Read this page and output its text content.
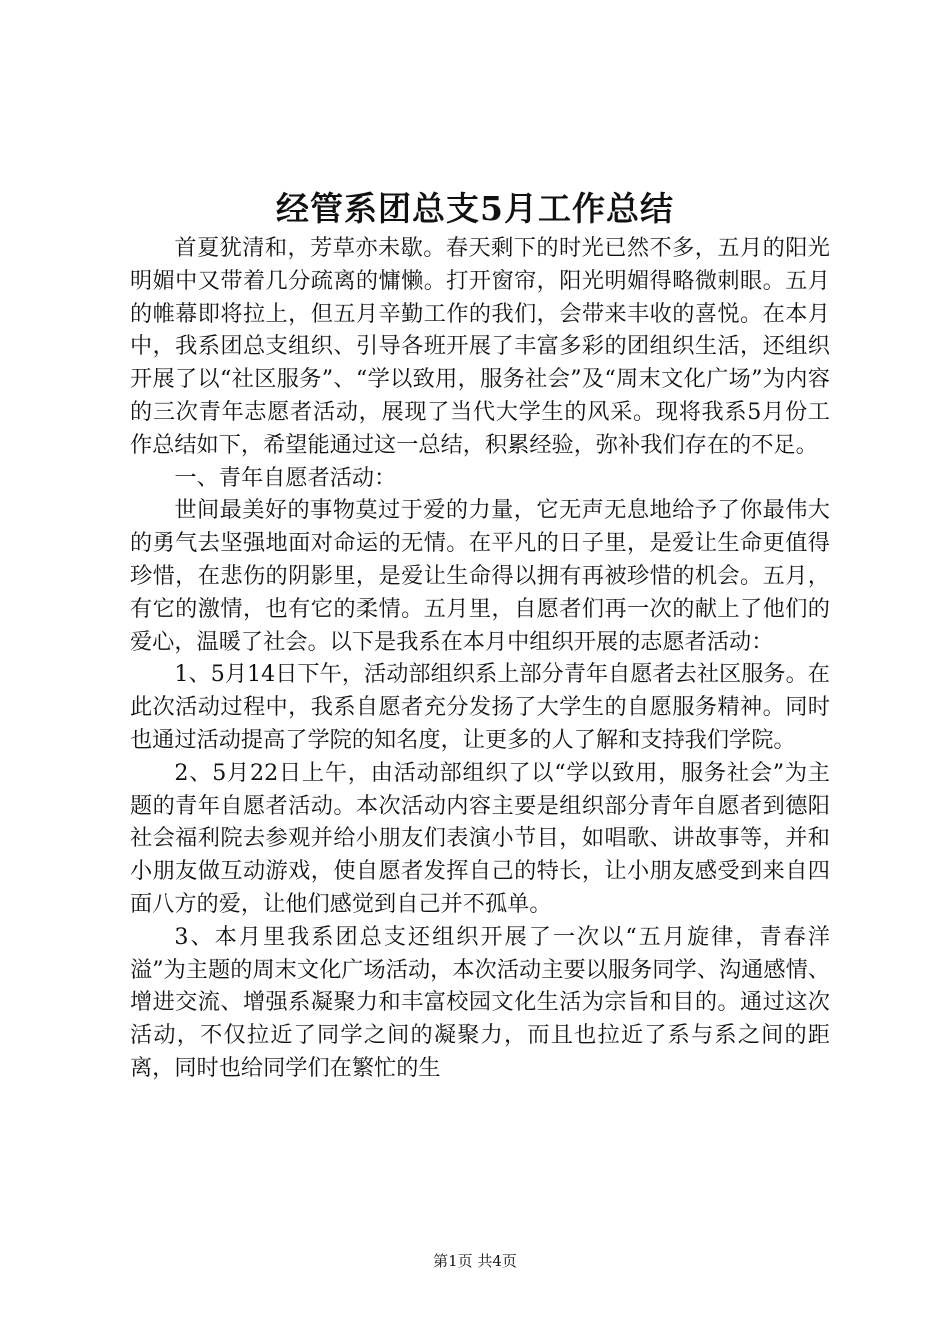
经管系团总支5月工作总结

首夏犹清和，芳草亦未歇。春天剩下的时光已然不多，五月的阳光明媚中又带着几分疏离的慵懒。打开窗帘，阳光明媚得略微刺眼。五月的帷幕即将拉上，但五月辛勤工作的我们，会带来丰收的喜悦。在本月中，我系团总支组织、引导各班开展了丰富多彩的团组织生活，还组织开展了以“社区服务”、“学以致用，服务社会”及“周末文化广场”为内容的三次青年志愿者活动，展现了当代大学生的风采。现将我系5月份工作总结如下，希望能通过这一总结，积累经验，弥补我们存在的不足。

一、青年自愿者活动：

世间最美好的事物莫过于爱的力量，它无声无息地给予了你最伟大的勇气去坚强地面对命运的无情。在平凡的日子里，是爱让生命更值得珍惜，在悲伤的阴影里，是爱让生命得以拥有再被珍惜的机会。五月，有它的激情，也有它的柔情。五月里，自愿者们再一次的献上了他们的爱心，温暖了社会。以下是我系在本月中组织开展的志愿者活动：

1、5月14日下午，活动部组织系上部分青年自愿者去社区服务。在此次活动过程中，我系自愿者充分发扬了大学生的自愿服务精神。同时也通过活动提高了学院的知名度，让更多的人了解和支持我们学院。

2、5月22日上午，由活动部组织了以“学以致用，服务社会”为主题的青年自愿者活动。本次活动内容主要是组织部分青年自愿者到德阳社会福利院去参观并给小朋友们表演小节目，如唱歌、讲故事等，并和小朋友做互动游戏，使自愿者发挥自己的特长，让小朋友感受到来自四面八方的爱，让他们感觉到自己并不孤单。

3、本月里我系团总支还组织开展了一次以“五月旋律，青春洋溢”为主题的周末文化广场活动，本次活动主要以服务同学、沟通感情、增进交流、增强系凝聚力和丰富校园文化生活为宗旨和目的。通过这次活动，不仅拉近了同学之间的凝聚力，而且也拉近了系与系之间的距离，同时也给同学们在繁忙的生

第1页 共4页
